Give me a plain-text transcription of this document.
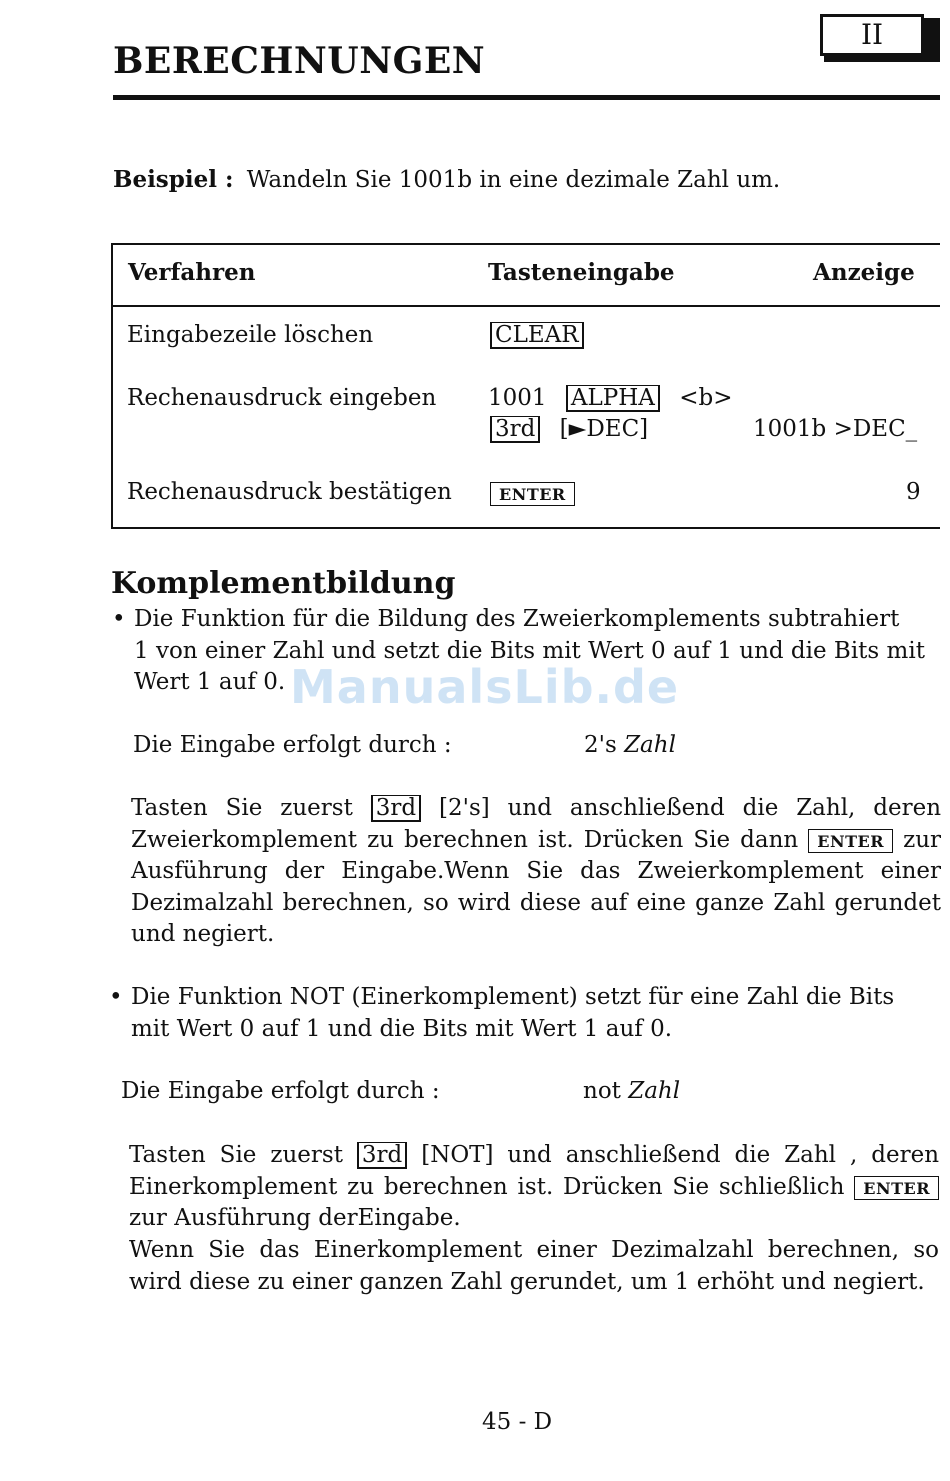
BERECHNUNGEN
II
Beispiel : Wandeln Sie 1001b in eine dezimale Zahl um.
Verfahren	Tasteneingabe	Anzeige
Eingabezeile löschen	CLEAR
Rechenausdruck eingeben 1001 ALPHA <b>
3rd [►DEC]	1001b >DEC_
Rechenausdruck bestätigen	ENTER	9
Komplementbildung
ManualsLib.de
• Die Funktion für die Bildung des Zweierkomplements subtrahiert
1 von einer Zahl und setzt die Bits mit Wert 0 auf 1 und die Bits mit
Wert 1 auf 0.
Die Eingabe erfolgt durch :	2's Zahl
Tasten Sie zuerst 3rd [2's] und anschließend die Zahl, deren Zweierkomplement zu berechnen ist. Drücken Sie dann ENTER zur Ausführung der Eingabe.Wenn Sie das Zweierkomplement einer Dezimalzahl berechnen, so wird diese auf eine ganze Zahl gerundet und negiert.
• Die Funktion NOT (Einerkomplement) setzt für eine Zahl die Bits
mit Wert 0 auf 1 und die Bits mit Wert 1 auf 0.
Die Eingabe erfolgt durch :	not Zahl
Tasten Sie zuerst 3rd [NOT] und anschließend die Zahl , deren Einerkomplement zu berechnen ist. Drücken Sie schließlich ENTER zur Ausführung derEingabe.
Wenn Sie das Einerkomplement einer Dezimalzahl berechnen, so wird diese zu einer ganzen Zahl gerundet, um 1 erhöht und negiert.
45 - D
